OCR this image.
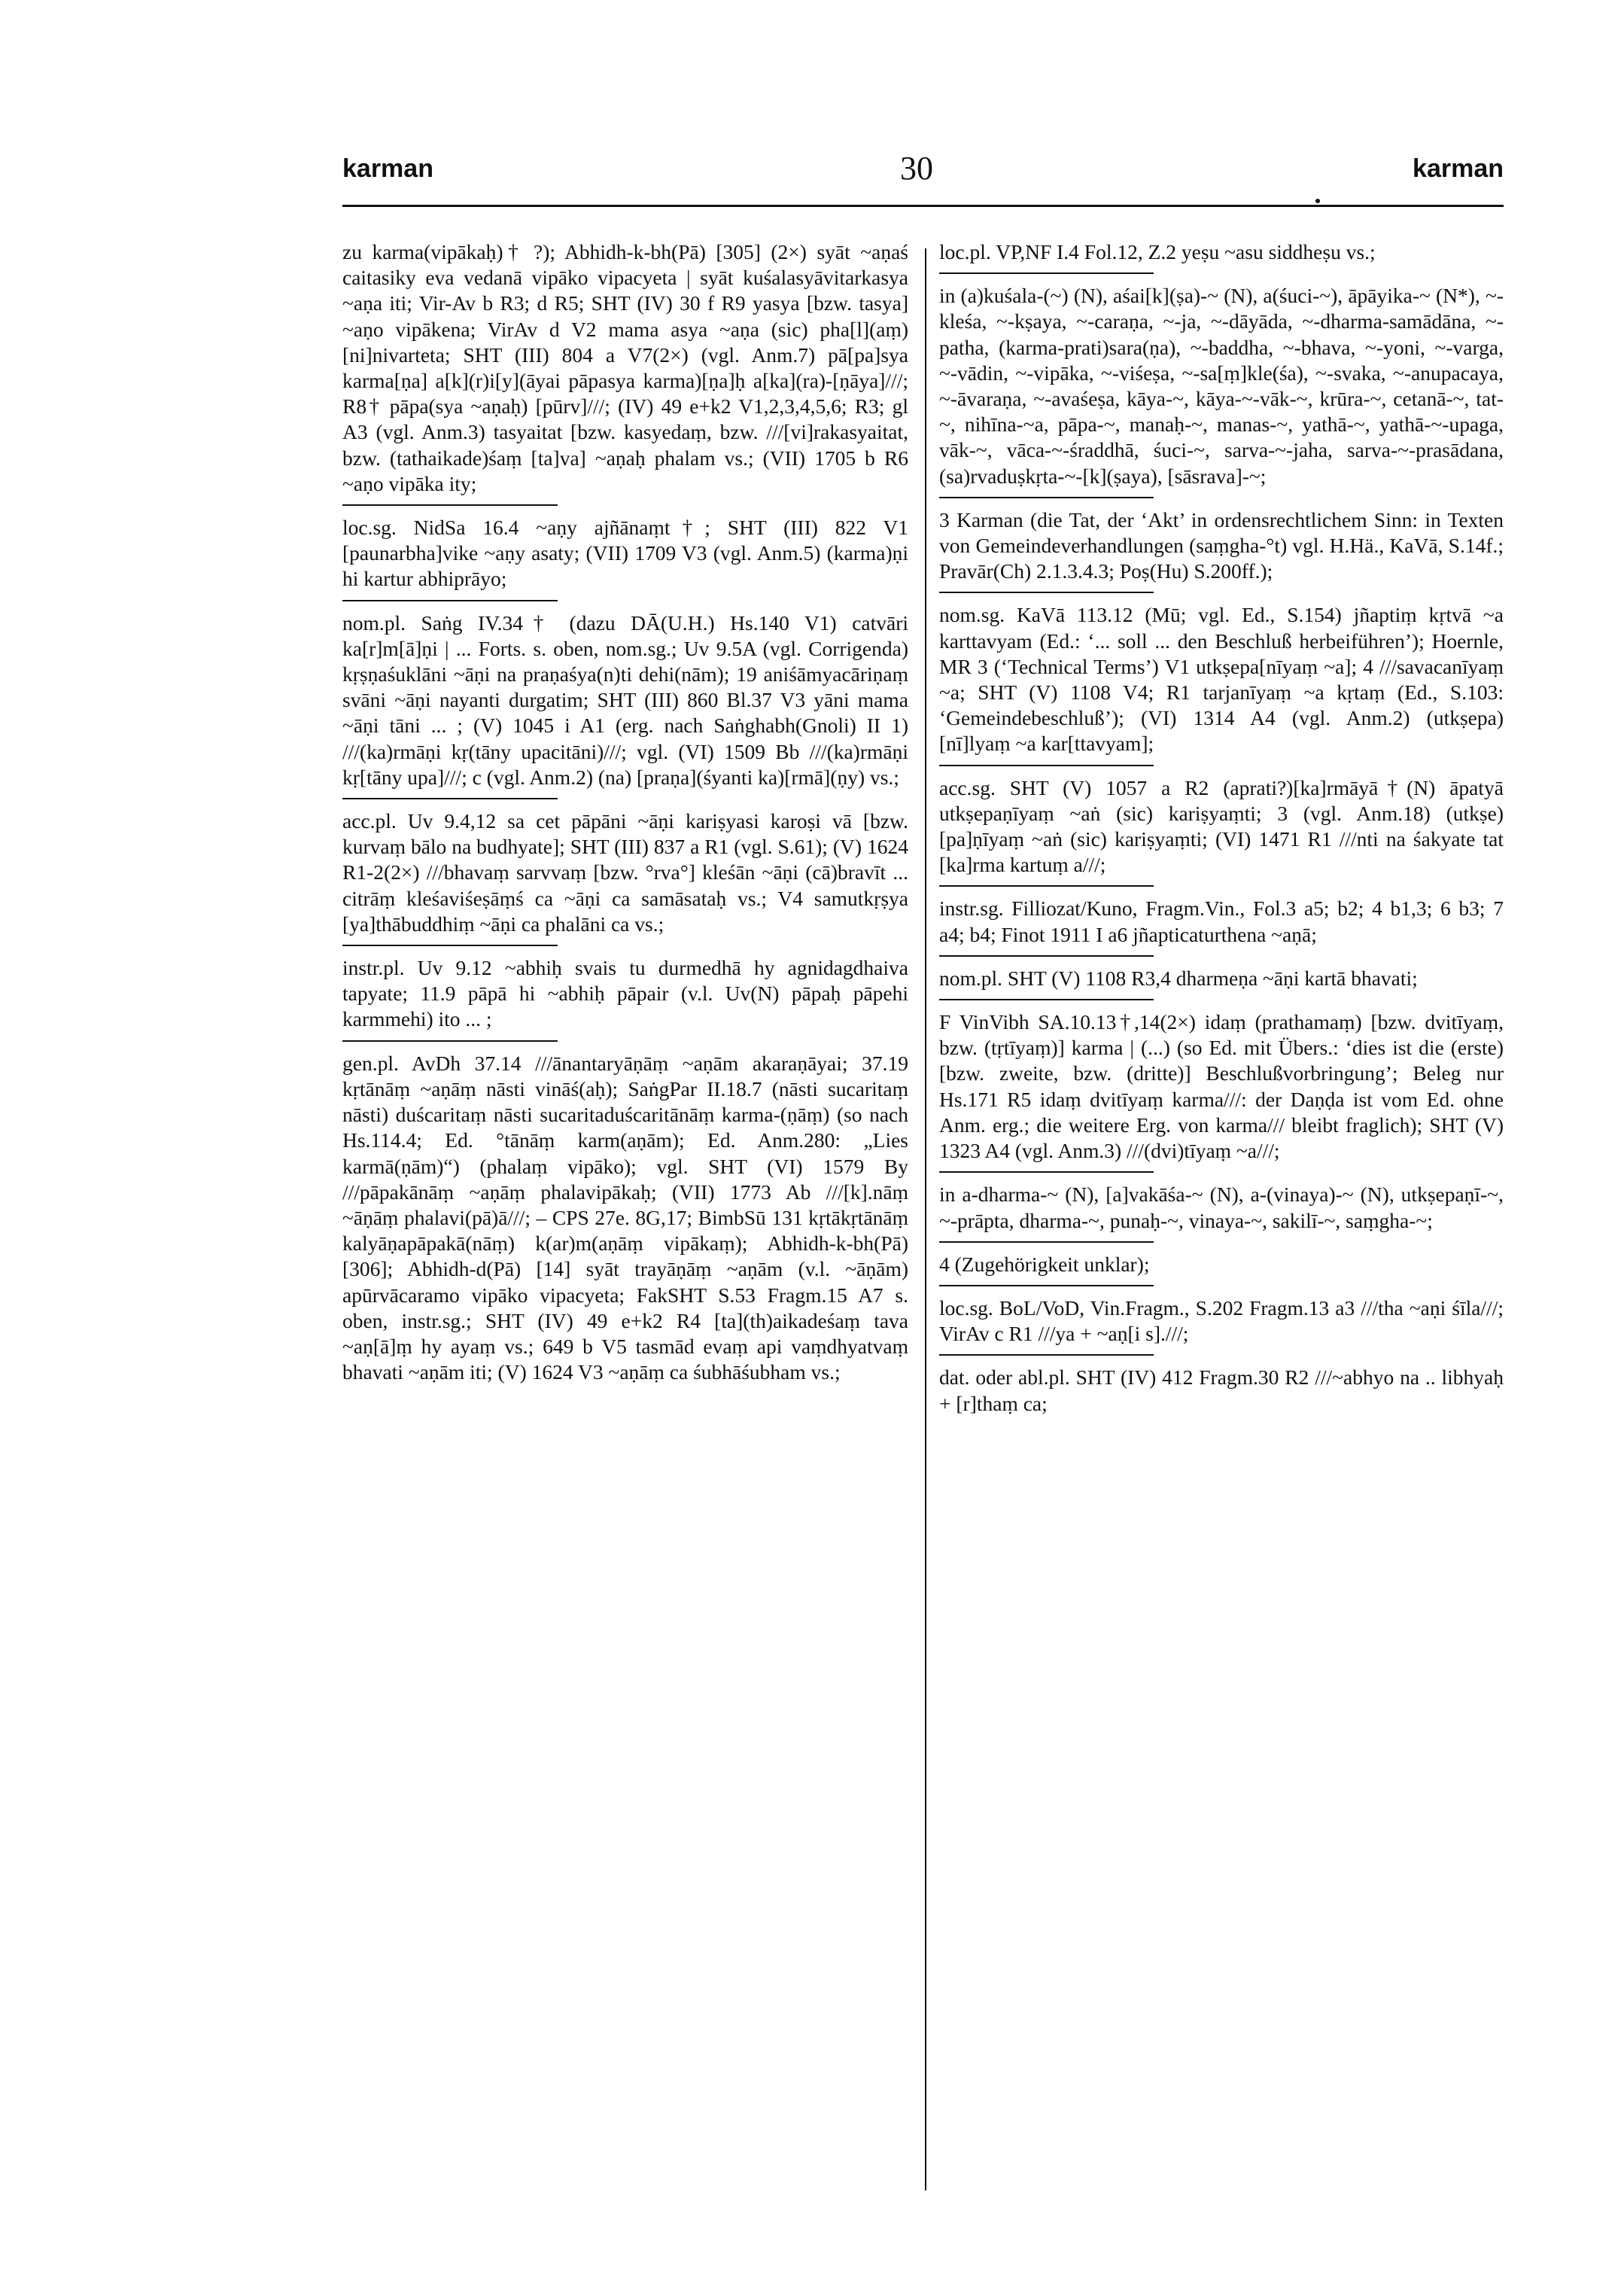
karman	30	karman

zu karma(vipākaḥ)† ?); Abhidh-k-bh(Pā) [305] (2×) syāt ~aṇaś caitasiky eva vedanā vipāko vipacyeta | syāt kuśalasyāvitarkasya ~aṇa iti; Vir-Av b R3; d R5; SHT (IV) 30 f R9 yasya [bzw. tasya] ~aṇo vipākena; VirAv d V2 mama asya ~aṇa (sic) pha[l](aṃ) [ni]nivarteta; SHT (III) 804 a V7(2×) (vgl. Anm.7) pā[pa]sya karma[ṇa] a[k](r)i[y](āyai pāpasya karma)[ṇa]ḥ a[ka](ra)-[ṇāya]///; R8† pāpa(sya ~aṇaḥ) [pūrv]///; (IV) 49 e+k2 V1,2,3,4,5,6; R3; gl A3 (vgl. Anm.3) tasyaitat [bzw. kasyedaṃ, bzw. ///[vi]rakasyaitat, bzw. (tathaikade)śaṃ [ta]va] ~aṇaḥ phalam vs.; (VII) 1705 b R6 ~aṇo vipāka ity;

loc.sg. NidSa 16.4 ~aṇy ajñānaṃt†; SHT (III) 822 V1 [paunarbha]vike ~aṇy asaty; (VII) 1709 V3 (vgl. Anm.5) (karma)ṇi hi kartur abhiprāyo;

nom.pl. Saṅg IV.34† (dazu DĀ(U.H.) Hs.140 V1) catvāri ka[r]m[ā]ṇi | ... Forts. s. oben, nom.sg.; Uv 9.5A (vgl. Corrigenda) kṛṣṇaśuklāni ~āṇi na praṇaśya(n)ti dehi(nām); 19 aniśāmyacāriṇaṃ svāni ~āṇi nayanti durgatim; SHT (III) 860 Bl.37 V3 yāni mama ~āṇi tāni ... ; (V) 1045 i A1 (erg. nach Saṅghabh(Gnoli) II 1) ///(ka)rmāṇi kṛ(tāny upacitāni)///; vgl. (VI) 1509 Bb ///(ka)rmāṇi kṛ[tāny upa]///; c (vgl. Anm.2) (na) [praṇa](śyanti ka)[rmā](ṇy) vs.;

acc.pl. Uv 9.4,12 sa cet pāpāni ~āṇi kariṣyasi karoṣi vā [bzw. kurvaṃ bālo na budhyate]; SHT (III) 837 a R1 (vgl. S.61); (V) 1624 R1-2(2×) ///bhavaṃ sarvvaṃ [bzw. °rva°] kleśān ~āṇi (cā)bravīt ... citrāṃ kleśaviśeṣāṃś ca ~āṇi ca samāsataḥ vs.; V4 samutkṛṣya [ya]thābuddhiṃ ~āṇi ca phalāni ca vs.;

instr.pl. Uv 9.12 ~abhiḥ svais tu durmedhā hy agnidagdhaiva tapyate; 11.9 pāpā hi ~abhiḥ pāpair (v.l. Uv(N) pāpaḥ pāpehi karmmehi) ito ... ;

gen.pl. AvDh 37.14 ///ānantaryāṇāṃ ~aṇām akaraṇāyai; 37.19 kṛtānāṃ ~aṇāṃ nāsti vināś(aḥ); SaṅgPar II.18.7 (nāsti sucaritaṃ nāsti) duścaritaṃ nāsti sucaritaduścaritānāṃ karma-(ṇāṃ) (so nach Hs.114.4; Ed. °tānāṃ karm(aṇām); Ed. Anm.280: „Lies karmā(ṇām)“) (phalaṃ vipāko); vgl. SHT (VI) 1579 By ///pāpakānāṃ ~aṇāṃ phalavipākaḥ; (VII) 1773 Ab ///[k].nāṃ ~āṇāṃ phalavi(pā)ā///; – CPS 27e. 8G,17; BimbSū 131 kṛtākṛtānāṃ kalyāṇapāpakā(nāṃ) k(ar)m(aṇāṃ vipākaṃ); Abhidh-k-bh(Pā) [306]; Abhidh-d(Pā) [14] syāt trayāṇāṃ ~aṇām (v.l. ~āṇām) apūrvācaramo vipāko vipacyeta; FakSHT S.53 Fragm.15 A7 s. oben, instr.sg.; SHT (IV) 49 e+k2 R4 [ta](th)aikadeśaṃ tava ~aṇ[ā]ṃ hy ayaṃ vs.; 649 b V5 tasmād evaṃ api vaṃdhyatvaṃ bhavati ~aṇām iti; (V) 1624 V3 ~aṇāṃ ca śubhāśubham vs.;

loc.pl. VP,NF I.4 Fol.12, Z.2 yeṣu ~asu siddheṣu vs.;

in (a)kuśala-(~) (N), aśai[k](ṣa)-~ (N), a(śuci-~), āpāyika-~ (N*), ~-kleśa, ~-kṣaya, ~-caraṇa, ~-ja, ~-dāyāda, ~-dharma-samādāna, ~-patha, (karma-prati)sara(ṇa), ~-baddha, ~-bhava, ~-yoni, ~-varga, ~-vādin, ~-vipāka, ~-viśeṣa, ~-sa[ṃ]kle(śa), ~-svaka, ~-anupacaya, ~-āvaraṇa, ~-avaśeṣa, kāya-~, kāya-~-vāk-~, krūra-~, cetanā-~, tat-~, nihīna-~a, pāpa-~, manaḥ-~, manas-~, yathā-~, yathā-~-upaga, vāk-~, vāca-~-śraddhā, śuci-~, sarva-~-jaha, sarva-~-prasādana, (sa)rvaduṣkṛta-~-[k](ṣaya), [sāsrava]-~;

3 Karman (die Tat, der ‘Akt’ in ordensrechtlichem Sinn: in Texten von Gemeindeverhandlungen (saṃgha-°t) vgl. H.Hä., KaVā, S.14f.; Pravār(Ch) 2.1.3.4.3; Poṣ(Hu) S.200ff.);

nom.sg. KaVā 113.12 (Mū; vgl. Ed., S.154) jñaptiṃ kṛtvā ~a karttavyam (Ed.: ‘... soll ... den Beschluß herbeiführen’); Hoernle, MR 3 (‘Technical Terms’) V1 utkṣepa[nīyaṃ ~a]; 4 ///savacanīyaṃ ~a; SHT (V) 1108 V4; R1 tarjanīyaṃ ~a kṛtaṃ (Ed., S.103: ‘Gemeindebeschluß’); (VI) 1314 A4 (vgl. Anm.2) (utkṣepa)[nī]lyaṃ ~a kar[ttavyam];

acc.sg. SHT (V) 1057 a R2 (aprati?)[ka]rmāyā†(N) āpatyā utkṣepaṇīyaṃ ~aṅ (sic) kariṣyaṃti; 3 (vgl. Anm.18) (utkṣe)[pa]ṇīyaṃ ~aṅ (sic) kariṣyaṃti; (VI) 1471 R1 ///nti na śakyate tat [ka]rma kartuṃ a///;

instr.sg. Filliozat/Kuno, Fragm.Vin., Fol.3 a5; b2; 4 b1,3; 6 b3; 7 a4; b4; Finot 1911 I a6 jñapticaturthena ~aṇā;

nom.pl. SHT (V) 1108 R3,4 dharmeṇa ~āṇi kartā bhavati;

F VinVibh SA.10.13†,14(2×) idaṃ (prathamaṃ) [bzw. dvitīyaṃ, bzw. (tṛtīyaṃ)] karma | (...) (so Ed. mit Übers.: ‘dies ist die (erste) [bzw. zweite, bzw. (dritte)] Beschlußvorbringung’; Beleg nur Hs.171 R5 idaṃ dvitīyaṃ karma///: der Daṇḍa ist vom Ed. ohne Anm. erg.; die weitere Erg. von karma/// bleibt fraglich); SHT (V) 1323 A4 (vgl. Anm.3) ///(dvi)tīyaṃ ~a///;

in a-dharma-~ (N), [a]vakāśa-~ (N), a-(vinaya)-~ (N), utkṣepaṇī-~, ~-prāpta, dharma-~, punaḥ-~, vinaya-~, sakilī-~, saṃgha-~;

4 (Zugehörigkeit unklar);

loc.sg. BoL/VoD, Vin.Fragm., S.202 Fragm.13 a3 ///tha ~aṇi śīla///; VirAv c R1 ///ya + ~aṇ[i s].///;

dat. oder abl.pl. SHT (IV) 412 Fragm.30 R2 ///~abhyo na .. libhyaḥ + [r]thaṃ ca;
